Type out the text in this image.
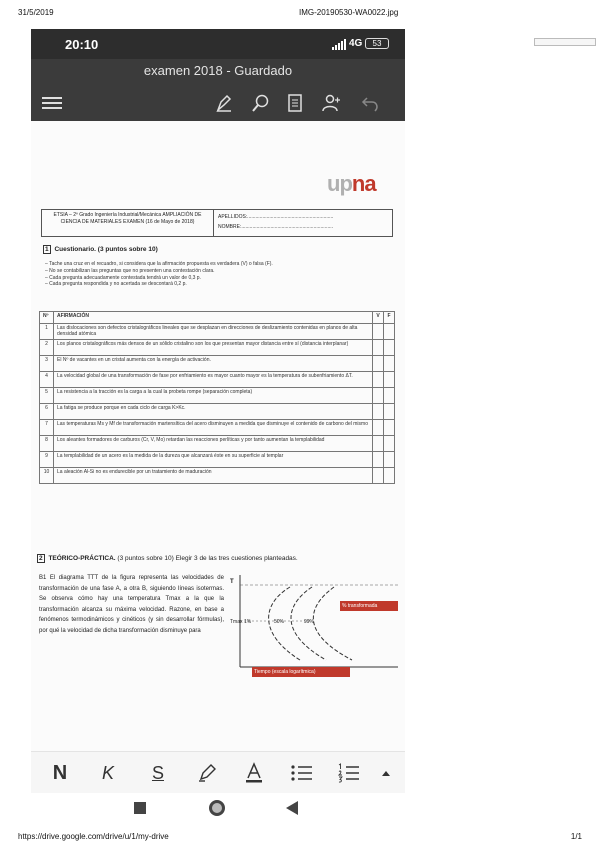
31/5/2019	IMG-20190530-WA0022.jpg
20:10	4G	53
examen 2018 - Guardado
upna
ETSIA – 2º Grado Ingeniería Industrial/Mecánica AMPLIACIÓN DE CIENCIA DE MATERIALES EXAMEN (16 de Mayo de 2018)
APELLIDOS:..............................................................
NOMBRE:..................................................................
1 Cuestionario. (3 puntos sobre 10)
– Tache una cruz en el recuadro, si considera que la afirmación propuesta es verdadera (V) o falsa (F).
– No se contabilizan las preguntas que no presenten una contestación clara.
– Cada pregunta adecuadamente contestada tendrá un valor de 0,3 p.
– Cada pregunta respondida y no acertada se descontará 0,2 p.
Nº	AFIRMACIÓN	V	F
1	Las dislocaciones son defectos cristalográficos lineales que se desplazan en direcciones de deslizamiento contenidas en planos de alta densidad atómica		
2	Los planos cristalográficos más densos de un sólido cristalino son los que presentan mayor distancia entre sí (distancia interplanar)		
3	El Nº de vacantes en un cristal aumenta con la energía de activación.		
4	La velocidad global de una transformación de fase por enfriamiento es mayor cuanto mayor es la temperatura de subenfriamiento ΔT.		
5	La resistencia a la tracción es la carga a la cual la probeta rompe (separación completa)		
6	La fatiga se produce porque en cada ciclo de carga K>Kc.		
7	Las temperaturas Ms y Mf de transformación martensítica del acero disminuyen a medida que disminuye el contenido de carbono del mismo		
8	Los aleantes formadores de carburos (Cr, V, Mo) retardan las reacciones perlíticas y por tanto aumentan la templabilidad		
9	La templabilidad de un acero es la medida de la dureza que alcanzará éste en su superficie al templar		
10	La aleación Al-Si no es endurecible por un tratamiento de maduración		
2 TEÓRICO-PRÁCTICA. (3 puntos sobre 10) Elegir 3 de las tres cuestiones planteadas.
B1 El diagrama TTT de la figura representa las velocidades de transformación de una fase A, a otra B, siguiendo líneas isotermas. Se observa cómo hay una temperatura Tmax a la que la transformación alcanza su máxima velocidad. Razone, en base a fenómenos termodinámicos y cinéticos (y sin desarrollar fórmulas), por qué la velocidad de dicha transformación disminuye para
T
Tmax 1%	50%	99%
% transformada
Tiempo (escala logarítmica)
N	K	S
https://drive.google.com/drive/u/1/my-drive	1/1
